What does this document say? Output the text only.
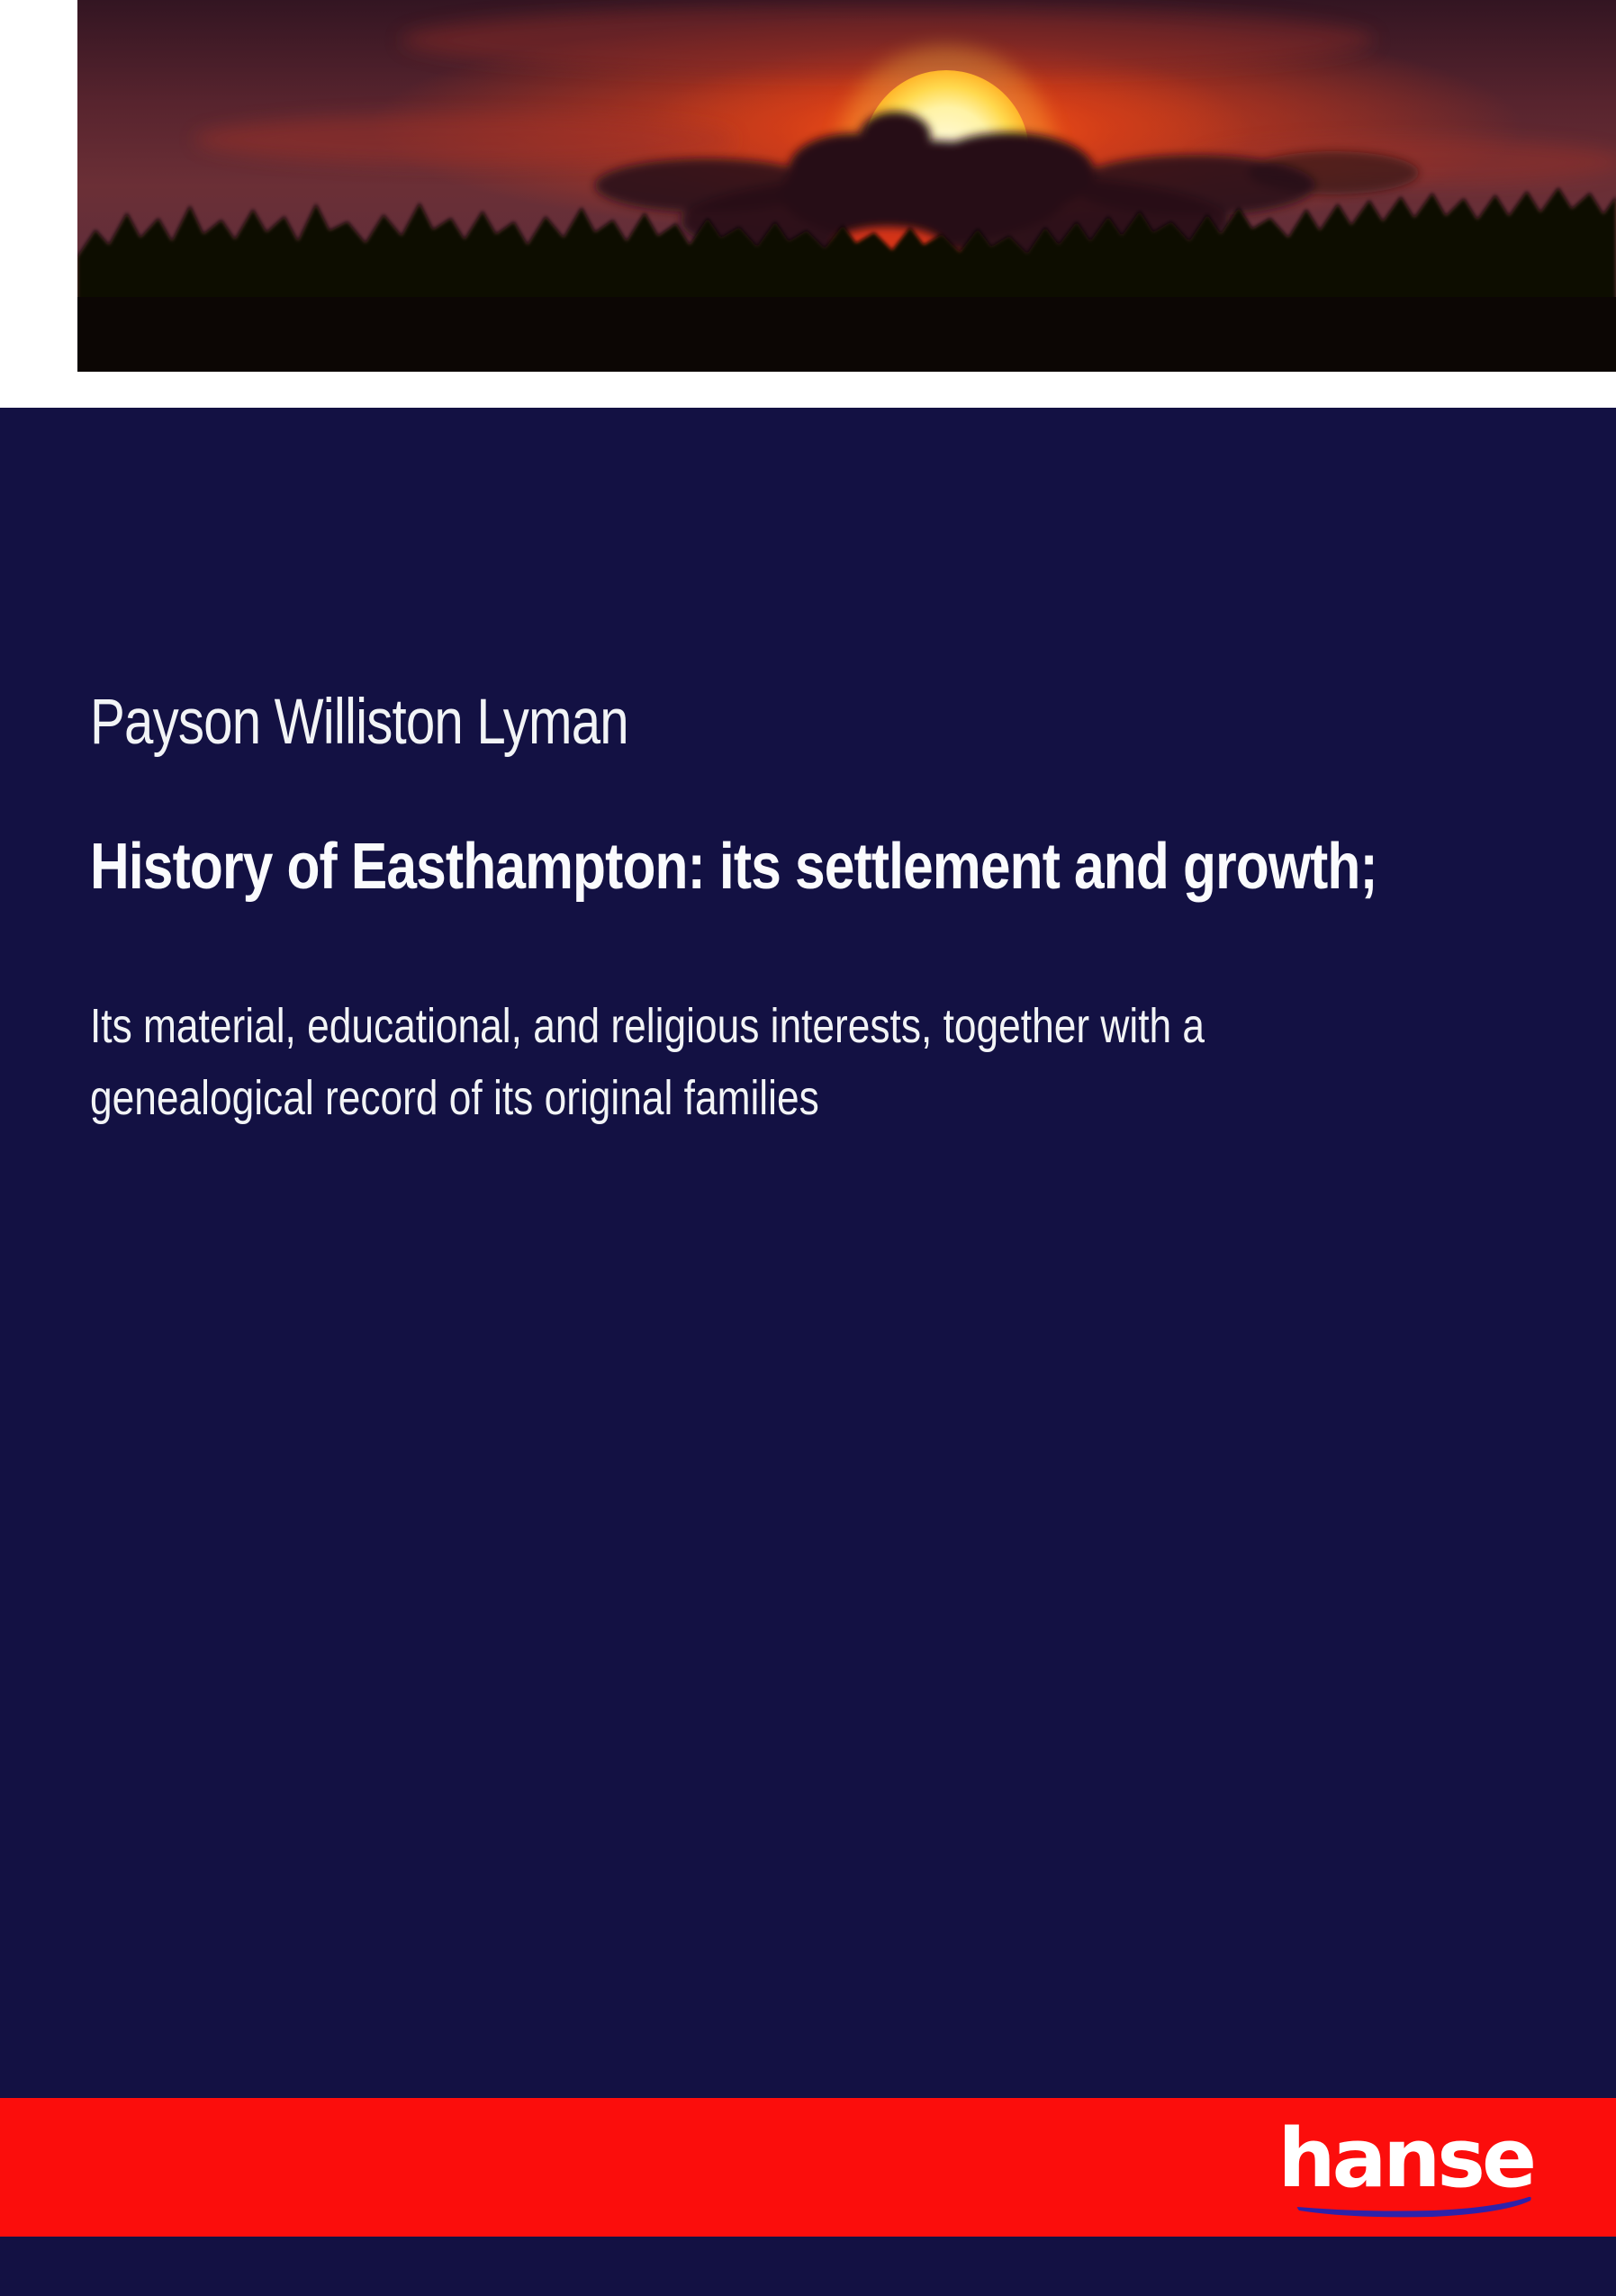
Payson Williston Lyman
History of Easthampton: its settlement and growth;

Its material, educational, and religious interests, together with a
genealogical record of its original families

hanse
